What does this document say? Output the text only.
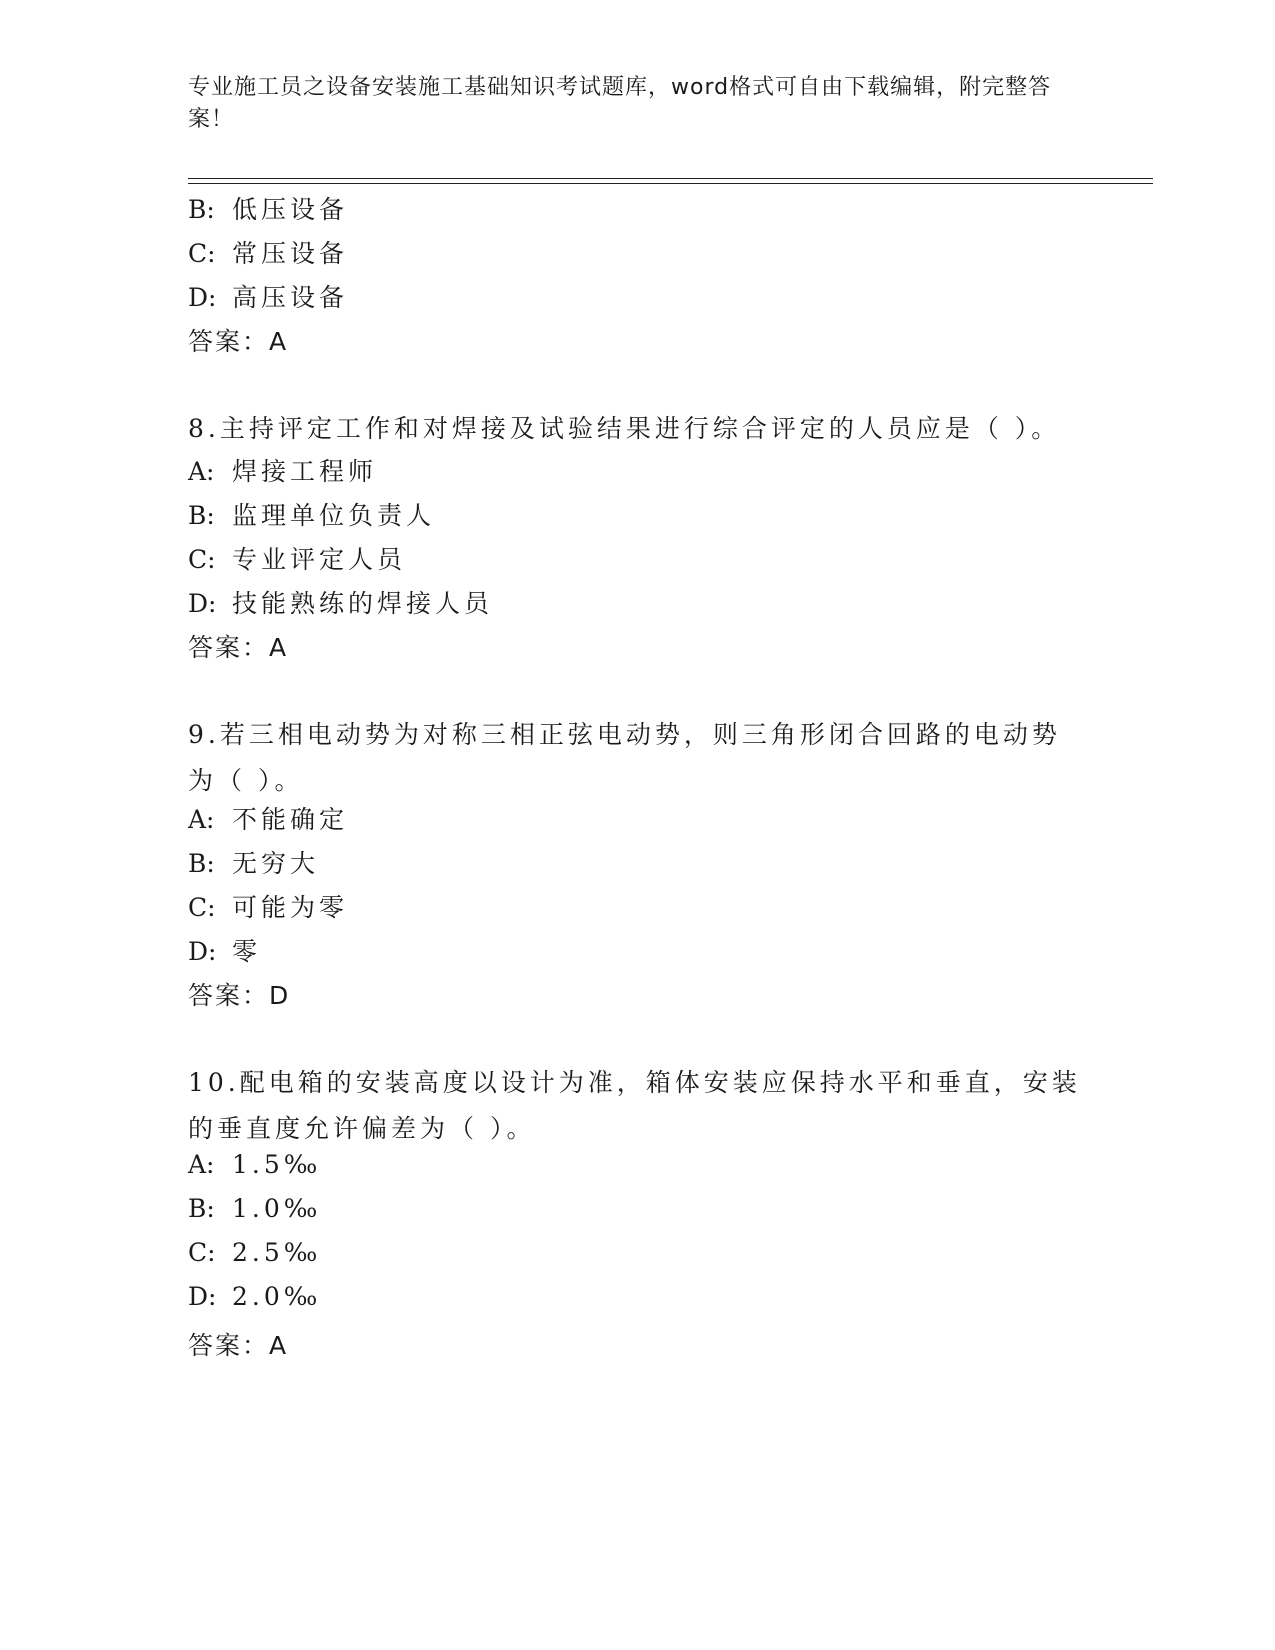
专业施工员之设备安装施工基础知识考试题库，word格式可自由下载编辑，附完整答案！
B: 低压设备
C: 常压设备
D: 高压设备
答案：A
8.主持评定工作和对焊接及试验结果进行综合评定的人员应是（ ）。
A: 焊接工程师
B: 监理单位负责人
C: 专业评定人员
D: 技能熟练的焊接人员
答案：A
9.若三相电动势为对称三相正弦电动势，则三角形闭合回路的电动势为（ ）。
A: 不能确定
B: 无穷大
C: 可能为零
D: 零
答案：D
10.配电箱的安装高度以设计为准，箱体安装应保持水平和垂直，安装的垂直度允许偏差为（ ）。
A: 1.5‰
B: 1.0‰
C: 2.5‰
D: 2.0‰
答案：A
